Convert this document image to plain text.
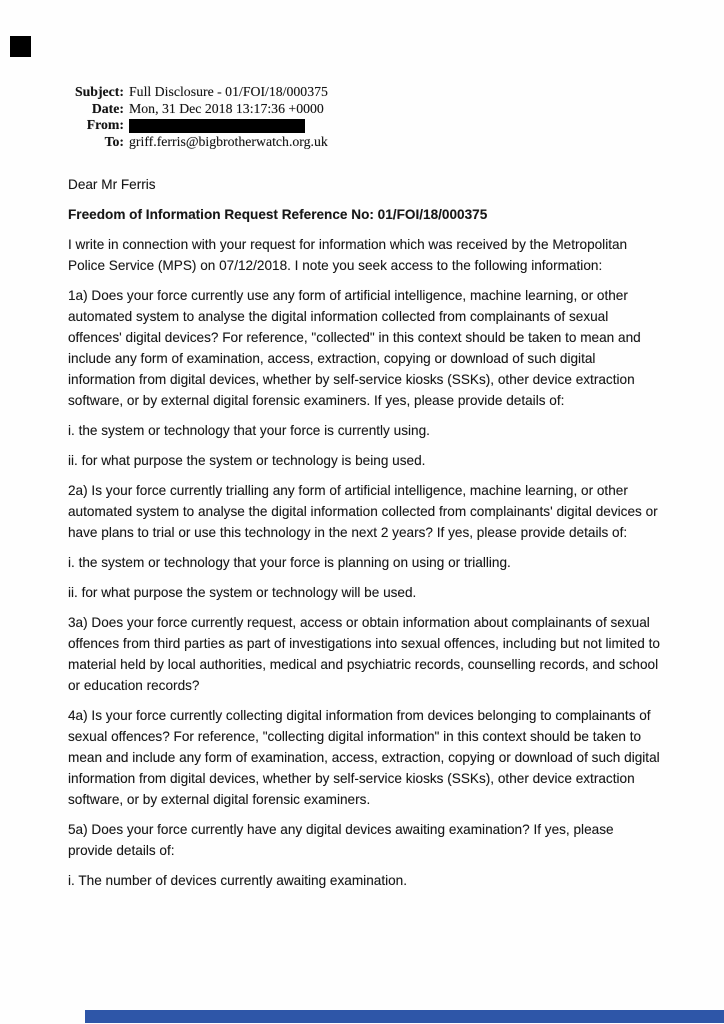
Subject: Full Disclosure - 01/FOI/18/000375
Date: Mon, 31 Dec 2018 13:17:36 +0000
From:
To: griff.ferris@bigbrotherwatch.org.uk

Dear Mr Ferris

Freedom of Information Request Reference No: 01/FOI/18/000375

I write in connection with your request for information which was received by the Metropolitan Police Service (MPS) on 07/12/2018. I note you seek access to the following information:

1a) Does your force currently use any form of artificial intelligence, machine learning, or other automated system to analyse the digital information collected from complainants of sexual offences' digital devices? For reference, "collected" in this context should be taken to mean and include any form of examination, access, extraction, copying or download of such digital information from digital devices, whether by self-service kiosks (SSKs), other device extraction software, or by external digital forensic examiners. If yes, please provide details of:

i. the system or technology that your force is currently using.

ii. for what purpose the system or technology is being used.

2a) Is your force currently trialling any form of artificial intelligence, machine learning, or other automated system to analyse the digital information collected from complainants' digital devices or have plans to trial or use this technology in the next 2 years? If yes, please provide details of:

i. the system or technology that your force is planning on using or trialling.

ii. for what purpose the system or technology will be used.

3a) Does your force currently request, access or obtain information about complainants of sexual offences from third parties as part of investigations into sexual offences, including but not limited to material held by local authorities, medical and psychiatric records, counselling records, and school or education records?

4a) Is your force currently collecting digital information from devices belonging to complainants of sexual offences? For reference, "collecting digital information" in this context should be taken to mean and include any form of examination, access, extraction, copying or download of such digital information from digital devices, whether by self-service kiosks (SSKs), other device extraction software, or by external digital forensic examiners.

5a) Does your force currently have any digital devices awaiting examination? If yes, please provide details of:

i. The number of devices currently awaiting examination.
